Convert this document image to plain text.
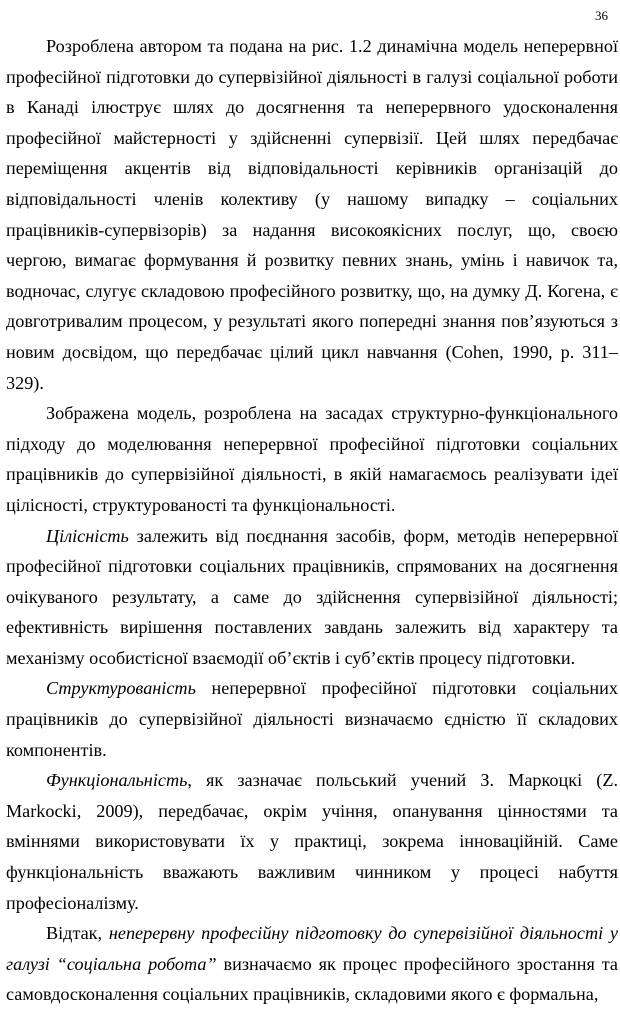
36

Розроблена автором та подана на рис. 1.2 динамічна модель неперервної професійної підготовки до супервізійної діяльності в галузі соціальної роботи в Канаді ілюструє шлях до досягнення та неперервного удосконалення професійної майстерності у здійсненні супервізії. Цей шлях передбачає переміщення акцентів від відповідальності керівників організацій до відповідальності членів колективу (у нашому випадку – соціальних працівників-супервізорів) за надання високоякісних послуг, що, своєю чергою, вимагає формування й розвитку певних знань, умінь і навичок та, водночас, слугує складовою професійного розвитку, що, на думку Д. Когена, є довготривалим процесом, у результаті якого попередні знання пов’язуються з новим досвідом, що передбачає цілий цикл навчання (Cohen, 1990, p. 311–329).

Зображена модель, розроблена на засадах структурно-функціонального підходу до моделювання неперервної професійної підготовки соціальних працівників до супервізійної діяльності, в якій намагаємось реалізувати ідеї цілісності, структурованості та функціональності.

Цілісність залежить від поєднання засобів, форм, методів неперервної професійної підготовки соціальних працівників, спрямованих на досягнення очікуваного результату, а саме до здійснення супервізійної діяльності; ефективність вирішення поставлених завдань залежить від характеру та механізму особистісної взаємодії об’єктів і суб’єктів процесу підготовки.

Структурованість неперервної професійної підготовки соціальних працівників до супервізійної діяльності визначаємо єдністю її складових компонентів.

Функціональність, як зазначає польський учений З. Маркоцкі (Z. Markocki, 2009), передбачає, окрім учіння, опанування цінностями та вміннями використовувати їх у практиці, зокрема інноваційній. Саме функціональність вважають важливим чинником у процесі набуття професіоналізму.

Відтак, неперервну професійну підготовку до супервізійної діяльності у галузі “соціальна робота” визначаємо як процес професійного зростання та самовдосконалення соціальних працівників, складовими якого є формальна,
